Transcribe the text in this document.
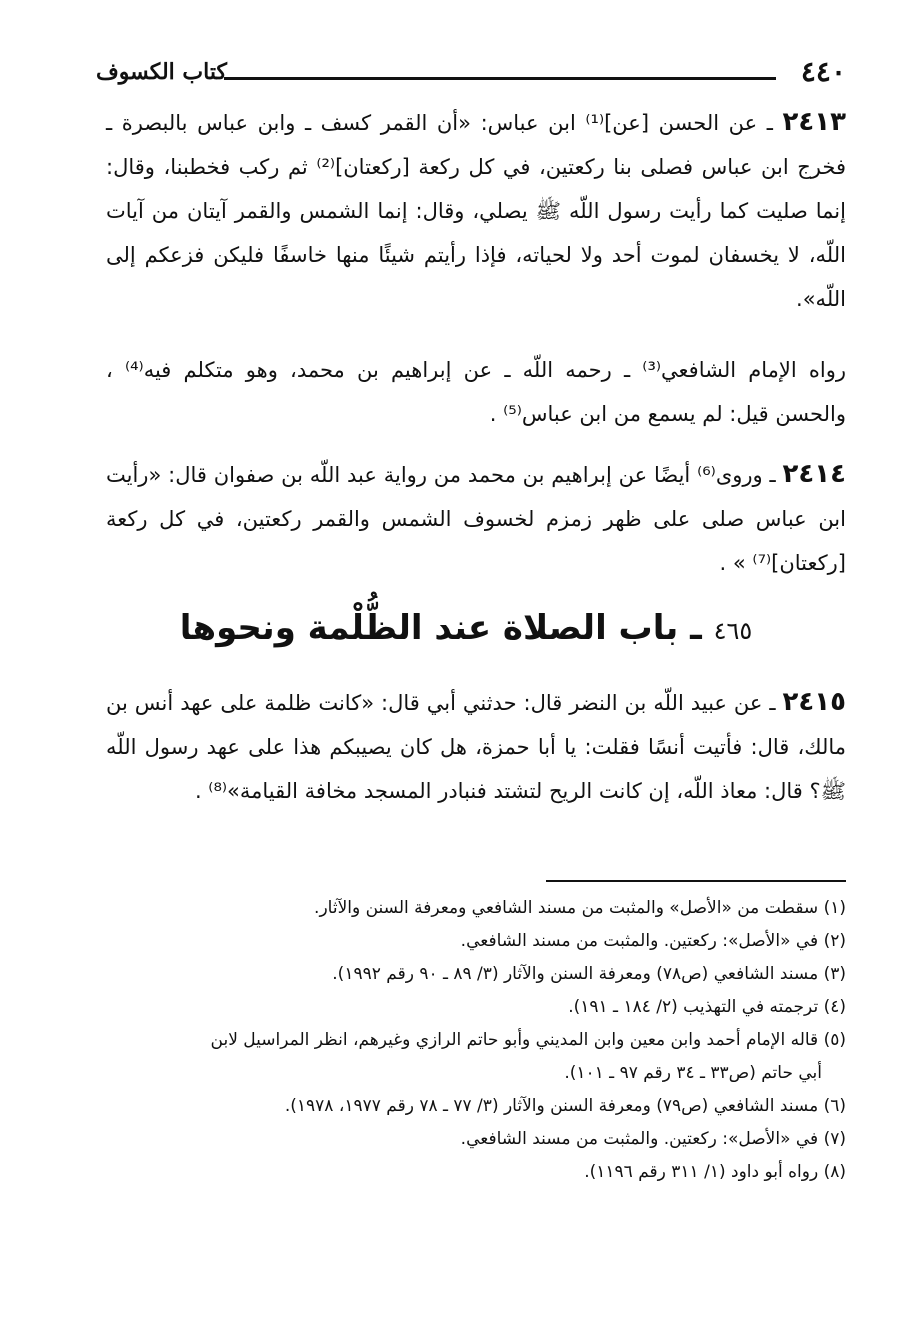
٤٤٠
كتاب الكسوف
٢٤١٣ ـ عن الحسن [عن]⁽¹⁾ ابن عباس: «أن القمر كسف ـ وابن عباس بالبصرة ـ فخرج ابن عباس فصلى بنا ركعتين، في كل ركعة [ركعتان]⁽²⁾ ثم ركب فخطبنا، وقال: إنما صليت كما رأيت رسول اللّه ﷺ يصلي، وقال: إنما الشمس والقمر آيتان من آيات اللّه، لا يخسفان لموت أحد ولا لحياته، فإذا رأيتم شيئًا منها خاسفًا فليكن فزعكم إلى اللّه».
رواه الإمام الشافعي⁽³⁾ ـ رحمه اللّه ـ عن إبراهيم بن محمد، وهو متكلم فيه⁽⁴⁾ ، والحسن قيل: لم يسمع من ابن عباس⁽⁵⁾ .
٢٤١٤ ـ وروى⁽⁶⁾ أيضًا عن إبراهيم بن محمد من رواية عبد اللّه بن صفوان قال: «رأيت ابن عباس صلى على ظهر زمزم لخسوف الشمس والقمر ركعتين، في كل ركعة [ركعتان]⁽⁷⁾ » .
٤٦٥ ـ باب الصلاة عند الظُّلْمة ونحوها
٢٤١٥ ـ عن عبيد اللّه بن النضر قال: حدثني أبي قال: «كانت ظلمة على عهد أنس بن مالك، قال: فأتيت أنسًا فقلت: يا أبا حمزة، هل كان يصيبكم هذا على عهد رسول اللّه ﷺ؟ قال: معاذ اللّه، إن كانت الريح لتشتد فنبادر المسجد مخافة القيامة»⁽⁸⁾ .

(١) سقطت من «الأصل» والمثبت من مسند الشافعي ومعرفة السنن والآثار.

(٢) في «الأصل»: ركعتين. والمثبت من مسند الشافعي.

(٣) مسند الشافعي (ص٧٨) ومعرفة السنن والآثار (٣/ ٨٩ ـ ٩٠ رقم ١٩٩٢).

(٤) ترجمته في التهذيب (٢/ ١٨٤ ـ ١٩١).

(٥) قاله الإمام أحمد وابن معين وابن المديني وأبو حاتم الرازي وغيرهم، انظر المراسيل لابن

أبي حاتم (ص٣٣ ـ ٣٤ رقم ٩٧ ـ ١٠١).

(٦) مسند الشافعي (ص٧٩) ومعرفة السنن والآثار (٣/ ٧٧ ـ ٧٨ رقم ١٩٧٧، ١٩٧٨).

(٧) في «الأصل»: ركعتين. والمثبت من مسند الشافعي.

(٨) رواه أبو داود (١/ ٣١١ رقم ١١٩٦).
